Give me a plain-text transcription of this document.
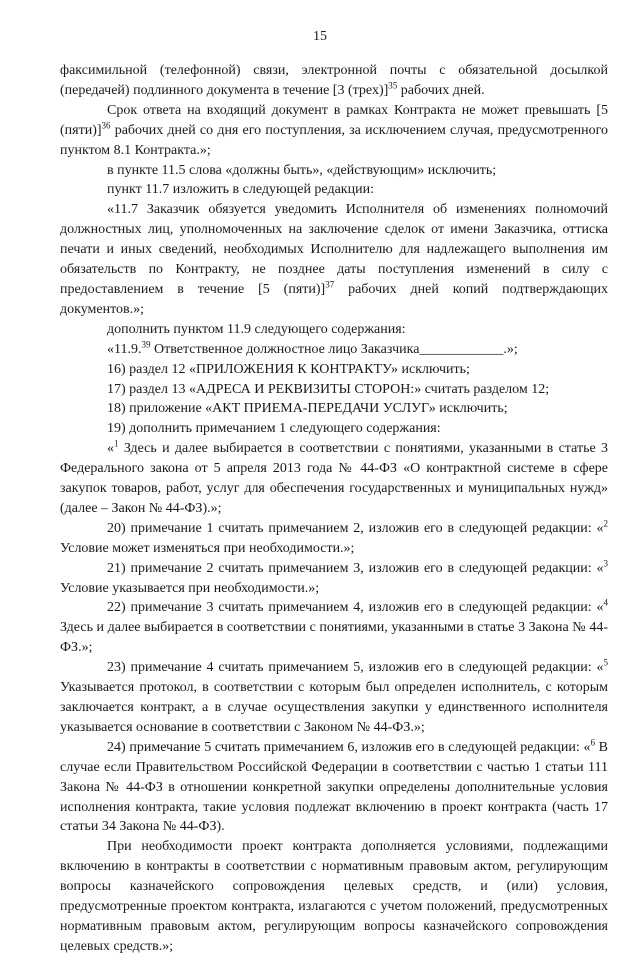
15

факсимильной (телефонной) связи, электронной почты с обязательной досылкой (передачей) подлинного документа в течение [3 (трех)]$^{35}$ рабочих дней.

Срок ответа на входящий документ в рамках Контракта не может превышать [5 (пяти)]$^{36}$ рабочих дней со дня его поступления, за исключением случая, предусмотренного пунктом 8.1 Контракта.»;

в пункте 11.5 слова «должны быть», «действующим» исключить;

пункт 11.7 изложить в следующей редакции:

«11.7 Заказчик обязуется уведомить Исполнителя об изменениях полномочий должностных лиц, уполномоченных на заключение сделок от имени Заказчика, оттиска печати и иных сведений, необходимых Исполнителю для надлежащего выполнения им обязательств по Контракту, не позднее даты поступления изменений в силу с предоставлением в течение [5 (пяти)]$^{37}$ рабочих дней копий подтверждающих документов.»;

дополнить пунктом 11.9 следующего содержания:

«11.9.39 Ответственное должностное лицо Заказчика____________.»;

16) раздел 12 «ПРИЛОЖЕНИЯ К КОНТРАКТУ» исключить;

17) раздел 13 «АДРЕСА И РЕКВИЗИТЫ СТОРОН:» считать разделом 12;

18) приложение «АКТ ПРИЕМА-ПЕРЕДАЧИ УСЛУГ» исключить;

19) дополнить примечанием 1 следующего содержания:

«$^1$ Здесь и далее выбирается в соответствии с понятиями, указанными в статье 3 Федерального закона от 5 апреля 2013 года № 44-ФЗ «О контрактной системе в сфере закупок товаров, работ, услуг для обеспечения государственных и муниципальных нужд» (далее – Закон № 44-ФЗ).»;

20) примечание 1 считать примечанием 2, изложив его в следующей редакции: «$^2$ Условие может изменяться при необходимости.»;

21) примечание 2 считать примечанием 3, изложив его в следующей редакции: «$^3$ Условие указывается при необходимости.»;

22) примечание 3 считать примечанием 4, изложив его в следующей редакции: «$^4$ Здесь и далее выбирается в соответствии с понятиями, указанными в статье 3 Закона № 44-ФЗ.»;

23) примечание 4 считать примечанием 5, изложив его в следующей редакции: «$^5$ Указывается протокол, в соответствии с которым был определен исполнитель, с которым заключается контракт, а в случае осуществления закупки у единственного исполнителя указывается основание в соответствии с Законом № 44-ФЗ.»;

24) примечание 5 считать примечанием 6, изложив его в следующей редакции: «$^6$ В случае если Правительством Российской Федерации в соответствии с частью 1 статьи 111 Закона № 44-ФЗ в отношении конкретной закупки определены дополнительные условия исполнения контракта, такие условия подлежат включению в проект контракта (часть 17 статьи 34 Закона № 44-ФЗ).

При необходимости проект контракта дополняется условиями, подлежащими включению в контракты в соответствии с нормативным правовым актом, регулирующим вопросы казначейского сопровождения целевых средств, и (или) условия, предусмотренные проектом контракта, излагаются с учетом положений, предусмотренных нормативным правовым актом, регулирующим вопросы казначейского сопровождения целевых средств.»;
